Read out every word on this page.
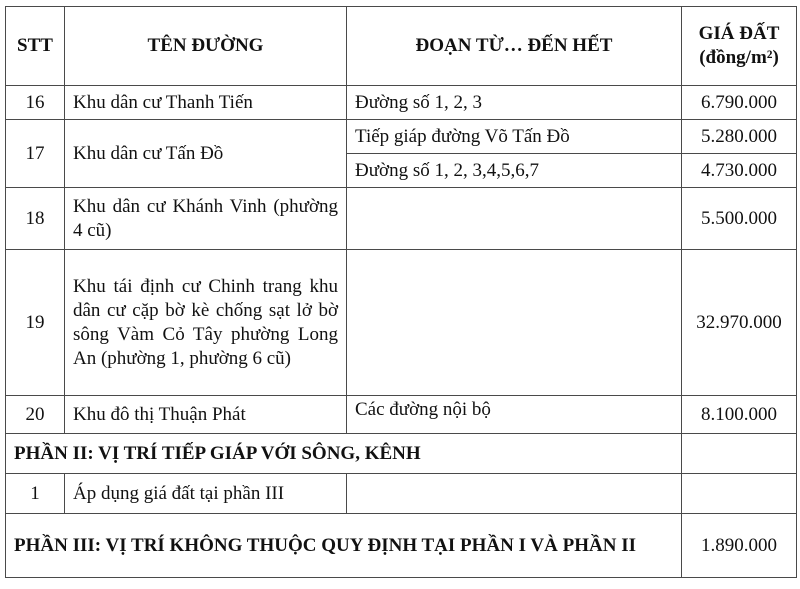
STT	TÊN ĐƯỜNG	ĐOẠN TỪ… ĐẾN HẾT	GIÁ ĐẤT
(đồng/m²)

16	Khu dân cư Thanh Tiến	Đường số 1, 2, 3	6.790.000
17	Khu dân cư Tấn Đồ	Tiếp giáp đường Võ Tấn Đồ	5.280.000
		Đường số 1, 2, 3,4,5,6,7	4.730.000
18	Khu dân cư Khánh Vinh (phường 4 cũ)		5.500.000
19	Khu tái định cư Chinh trang khu dân cư cặp bờ kè chống sạt lở bờ sông Vàm Cỏ Tây phường Long An (phường 1, phường 6 cũ)		32.970.000
20	Khu đô thị Thuận Phát	Các đường nội bộ	8.100.000
PHẦN II: VỊ TRÍ TIẾP GIÁP VỚI SÔNG, KÊNH			
1	Áp dụng giá đất tại phần III		
PHẦN III: VỊ TRÍ KHÔNG THUỘC QUY ĐỊNH TẠI PHẦN I VÀ PHẦN II			1.890.000
